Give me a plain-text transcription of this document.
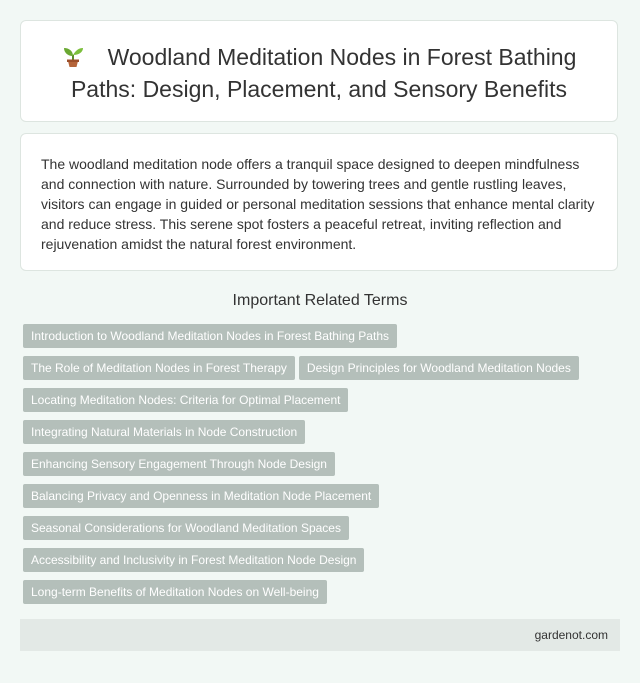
Woodland Meditation Nodes in Forest Bathing Paths: Design, Placement, and Sensory Benefits

The woodland meditation node offers a tranquil space designed to deepen mindfulness and connection with nature. Surrounded by towering trees and gentle rustling leaves, visitors can engage in guided or personal meditation sessions that enhance mental clarity and reduce stress. This serene spot fosters a peaceful retreat, inviting reflection and rejuvenation amidst the natural forest environment.

Important Related Terms
Introduction to Woodland Meditation Nodes in Forest Bathing Paths
The Role of Meditation Nodes in Forest Therapy Design Principles for Woodland Meditation Nodes
Locating Meditation Nodes: Criteria for Optimal Placement
Integrating Natural Materials in Node Construction
Enhancing Sensory Engagement Through Node Design
Balancing Privacy and Openness in Meditation Node Placement
Seasonal Considerations for Woodland Meditation Spaces
Accessibility and Inclusivity in Forest Meditation Node Design
Long-term Benefits of Meditation Nodes on Well-being
gardenot.com
